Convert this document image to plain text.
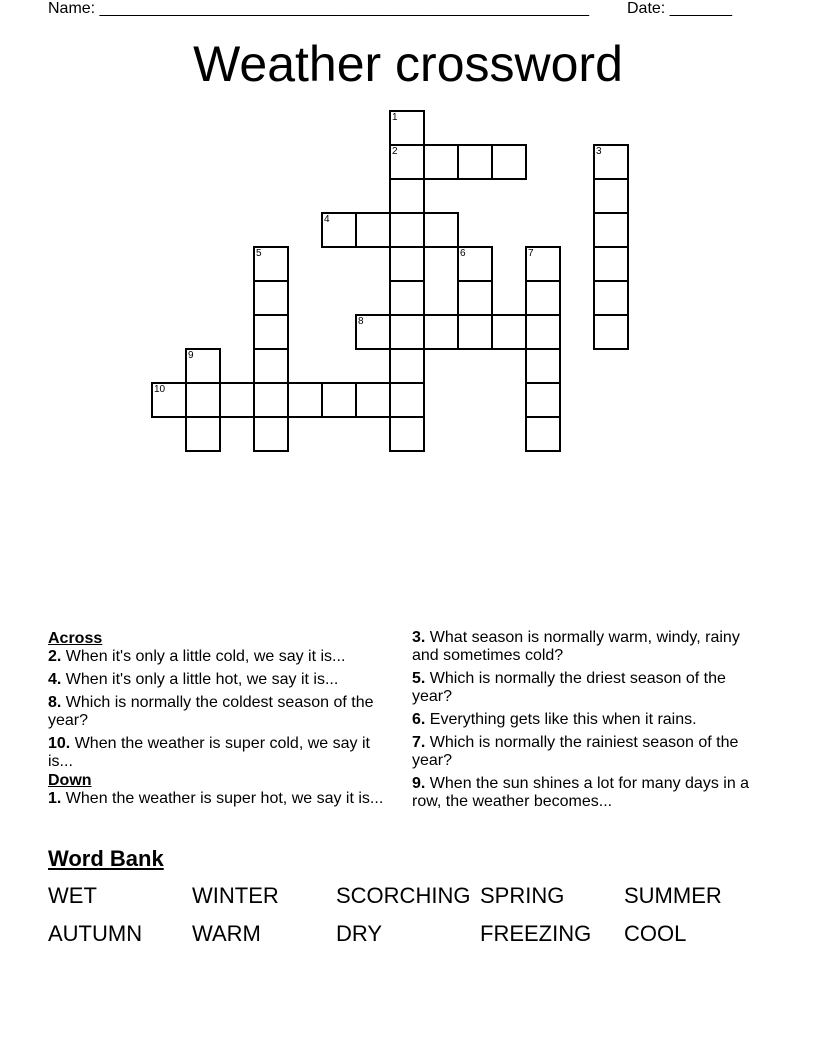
Name: _______________________________________________________ Date: _______
Weather crossword
1
2	3
4
5	6	7
8
9
10
Across
2. When it's only a little cold, we say it is...
4. When it's only a little hot, we say it is...
8. Which is normally the coldest season of the year?
10. When the weather is super cold, we say it is...
Down
1. When the weather is super hot, we say it is...
3. What season is normally warm, windy, rainy and sometimes cold?
5. Which is normally the driest season of the year?
6. Everything gets like this when it rains.
7. Which is normally the rainiest season of the year?
9. When the sun shines a lot for many days in a row, the weather becomes...
Word Bank
WET	WINTER	SCORCHING SPRING	SUMMER
AUTUMN WARM	DRY	FREEZING COOL
